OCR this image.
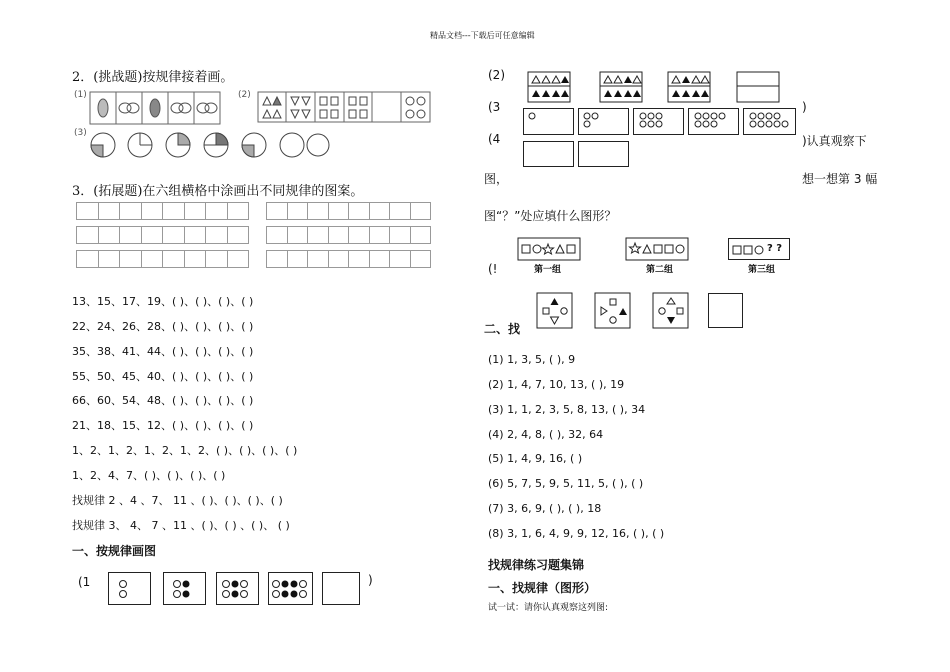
精品文档---下载后可任意编辑
2．(挑战题)按规律接着画。
(1)	(2)
(3)
3．(拓展题)在六组横格中涂画出不同规律的图案。
13、15、17、19、( )、( )、( )、( )
22、24、26、28、( )、( )、( )、( )
35、38、41、44、( )、( )、( )、( )
55、50、45、40、( )、( )、( )、( )
66、60、54、48、( )、( )、( )、( )
21、18、15、12、( )、( )、( )、( )
1、2、1、2、1、2、1、2、( )、( )、( )、( )
1、2、4、7、( )、( )、( )、( )
找规律 2 、4 、7、 11 、( )、( )、( )、( )
找规律 3、 4、 7 、11 、( )、( ) 、( )、 ( )
一、按规律画图
(1	)
(2)
(3	)
(4	)认真观察下
图，	想一想第 3 幅
图“？”处应填什么图形？
(!	第一组	第二组
? ?
第三组
二、找
(1) 1, 3, 5, ( ), 9
(2) 1, 4, 7, 10, 13, ( ), 19
(3) 1, 1, 2, 3, 5, 8, 13, ( ), 34
(4) 2, 4, 8, ( ), 32, 64
(5) 1, 4, 9, 16, ( )
(6) 5, 7, 5, 9, 5, 11, 5, ( ), ( )
(7) 3, 6, 9, ( ), ( ), 18
(8) 3, 1, 6, 4, 9, 9, 12, 16, ( ), ( )
找规律练习题集锦
一、找规律（图形）
试一试：请你认真观察这列图:
